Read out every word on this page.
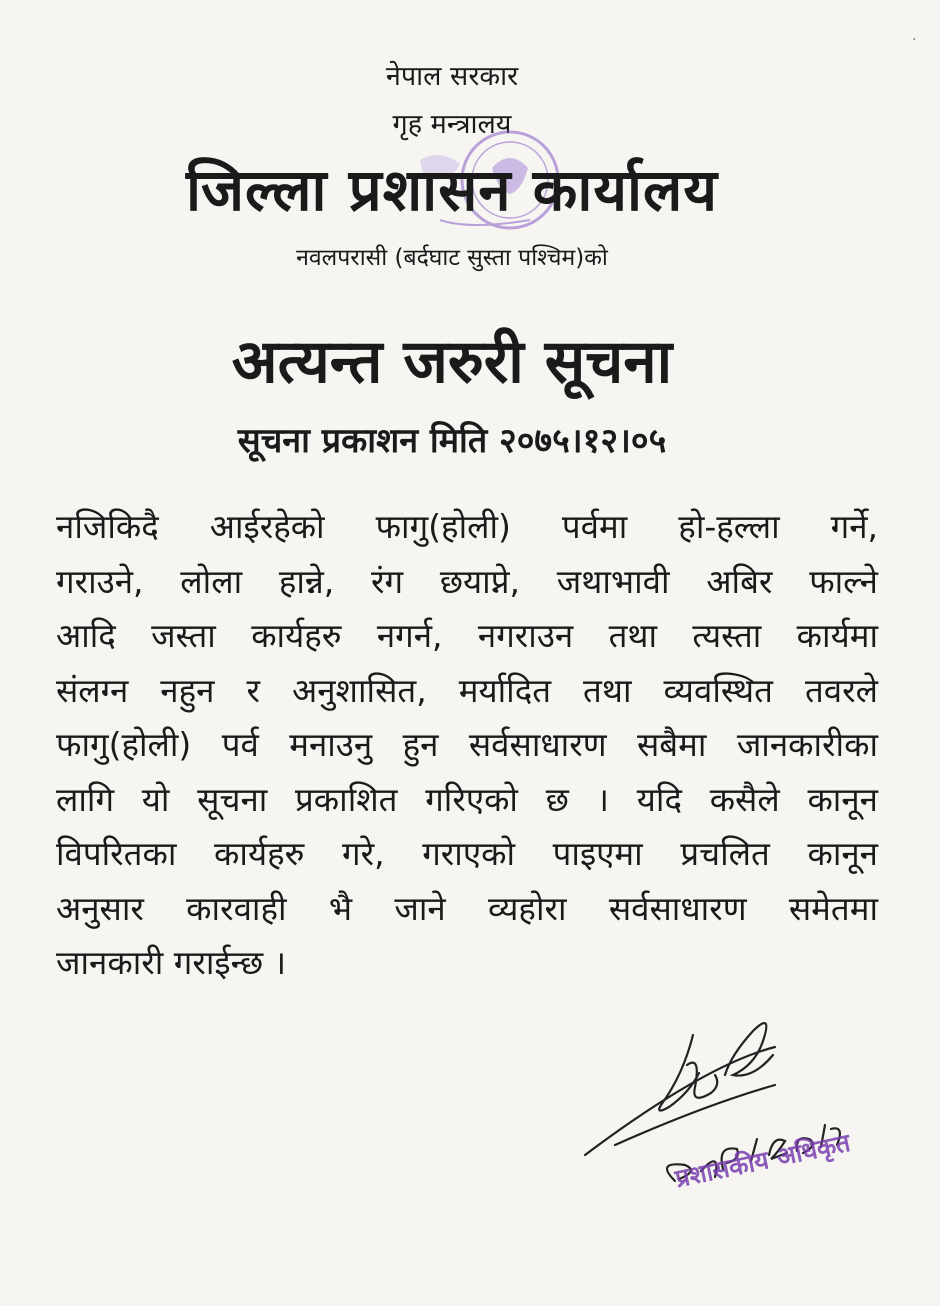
.
नेपाल सरकार
गृह मन्त्रालय
जिल्ला प्रशासन कार्यालय
नवलपरासी (बर्दघाट सुस्ता पश्चिम)को
अत्यन्त जरुरी सूचना
सूचना प्रकाशन मिति २०७५।१२।०५
नजिकिदै आईरहेको फागु(होली) पर्वमा हो-हल्ला गर्ने,
गराउने, लोला हान्ने, रंग छयाप्ने, जथाभावी अबिर फाल्ने
आदि जस्ता कार्यहरु नगर्न, नगराउन तथा त्यस्ता कार्यमा
संलग्न नहुन र अनुशासित, मर्यादित तथा व्यवस्थित तवरले
फागु(होली) पर्व मनाउनु हुन सर्वसाधारण सबैमा जानकारीका
लागि यो सूचना प्रकाशित गरिएको छ । यदि कसैले कानून
विपरितका कार्यहरु गरे, गराएको पाइएमा प्रचलित कानून
अनुसार कारवाही भै जाने व्यहोरा सर्वसाधारण समेतमा
जानकारी गराईन्छ ।
प्रशासकीय अधिकृत
